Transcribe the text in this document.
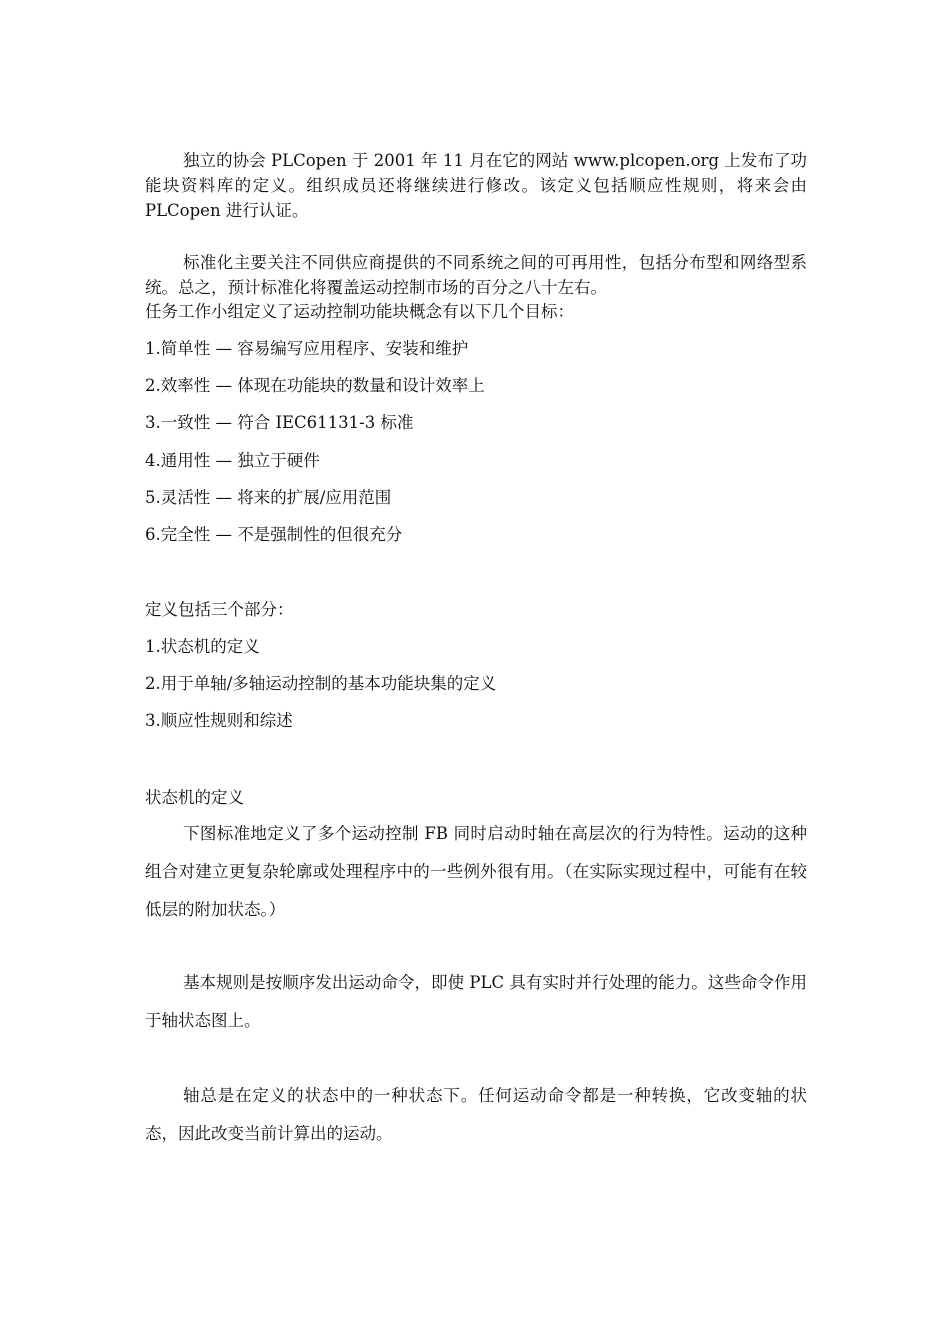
独立的协会 PLCopen 于 2001 年 11 月在它的网站 www.plcopen.org 上发布了功能块资料库的定义。组织成员还将继续进行修改。该定义包括顺应性规则，将来会由 PLCopen 进行认证。

标准化主要关注不同供应商提供的不同系统之间的可再用性，包括分布型和网络型系统。总之，预计标准化将覆盖运动控制市场的百分之八十左右。

任务工作小组定义了运动控制功能块概念有以下几个目标：

1.简单性 — 容易编写应用程序、安装和维护

2.效率性 — 体现在功能块的数量和设计效率上

3.一致性 — 符合 IEC61131-3 标准

4.通用性 — 独立于硬件

5.灵活性 — 将来的扩展/应用范围

6.完全性 — 不是强制性的但很充分

定义包括三个部分：

1.状态机的定义

2.用于单轴/多轴运动控制的基本功能块集的定义

3.顺应性规则和综述

状态机的定义

下图标准地定义了多个运动控制 FB 同时启动时轴在高层次的行为特性。运动的这种组合对建立更复杂轮廓或处理程序中的一些例外很有用。（在实际实现过程中，可能有在较低层的附加状态。）

基本规则是按顺序发出运动命令，即使 PLC 具有实时并行处理的能力。这些命令作用于轴状态图上。

轴总是在定义的状态中的一种状态下。任何运动命令都是一种转换，它改变轴的状态，因此改变当前计算出的运动。
